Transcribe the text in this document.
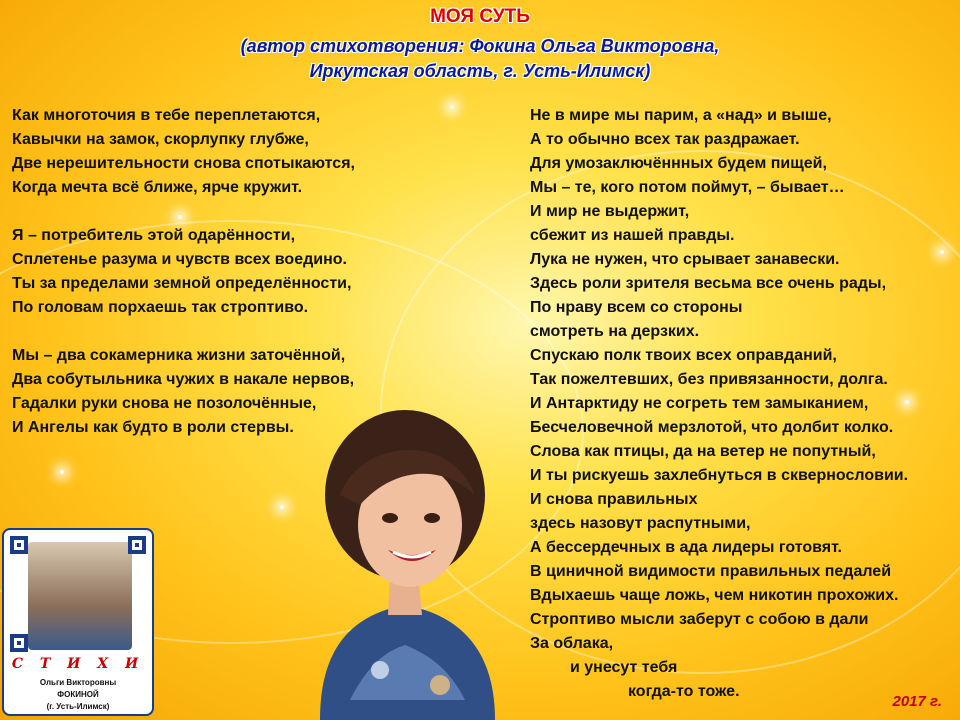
МОЯ СУТЬ
(автор стихотворения: Фокина Ольга Викторовна,
Иркутская область, г. Усть-Илимск)
Как многоточия в тебе переплетаются,
Кавычки на замок, скорлупку глубже,
Две нерешительности снова спотыкаются,
Когда мечта всё ближе, ярче кружит.
Я – потребитель этой одарённости,
Сплетенье разума и чувств всех воедино.
Ты за пределами земной определённости,
По головам порхаешь так строптиво.
Мы – два сокамерника жизни заточённой,
Два собутыльника чужих в накале нервов,
Гадалки руки снова не позолочённые,
И Ангелы как будто в роли стервы.
Не в мире мы парим, а «над» и выше,
А то обычно всех так раздражает.
Для умозаключённных будем пищей,
Мы – те, кого потом поймут, – бывает…
И мир не выдержит,
сбежит из нашей правды.
Лука не нужен, что срывает занавески.
Здесь роли зрителя весьма все очень рады,
По нраву всем со стороны
смотреть на дерзких.
Спускаю полк твоих всех оправданий,
Так пожелтевших, без привязанности, долга.
И Антарктиду не согреть тем замыканием,
Бесчеловечной мерзлотой, что долбит колко.
Слова как птицы, да на ветер не попутный,
И ты рискуешь захлебнуться в сквернословии.
И снова правильных
здесь назовут распутными,
А бессердечных в ада лидеры готовят.
В циничной видимости правильных педалей
Вдыхаешь чаще ложь, чем никотин прохожих.
Строптиво мысли заберут с собою в дали
За облака,
и унесут тебя
когда-то тоже.
С Т И Х И
Ольги Викторовны
ФОКИНОЙ
(г. Усть-Илимск)	2017 г.
